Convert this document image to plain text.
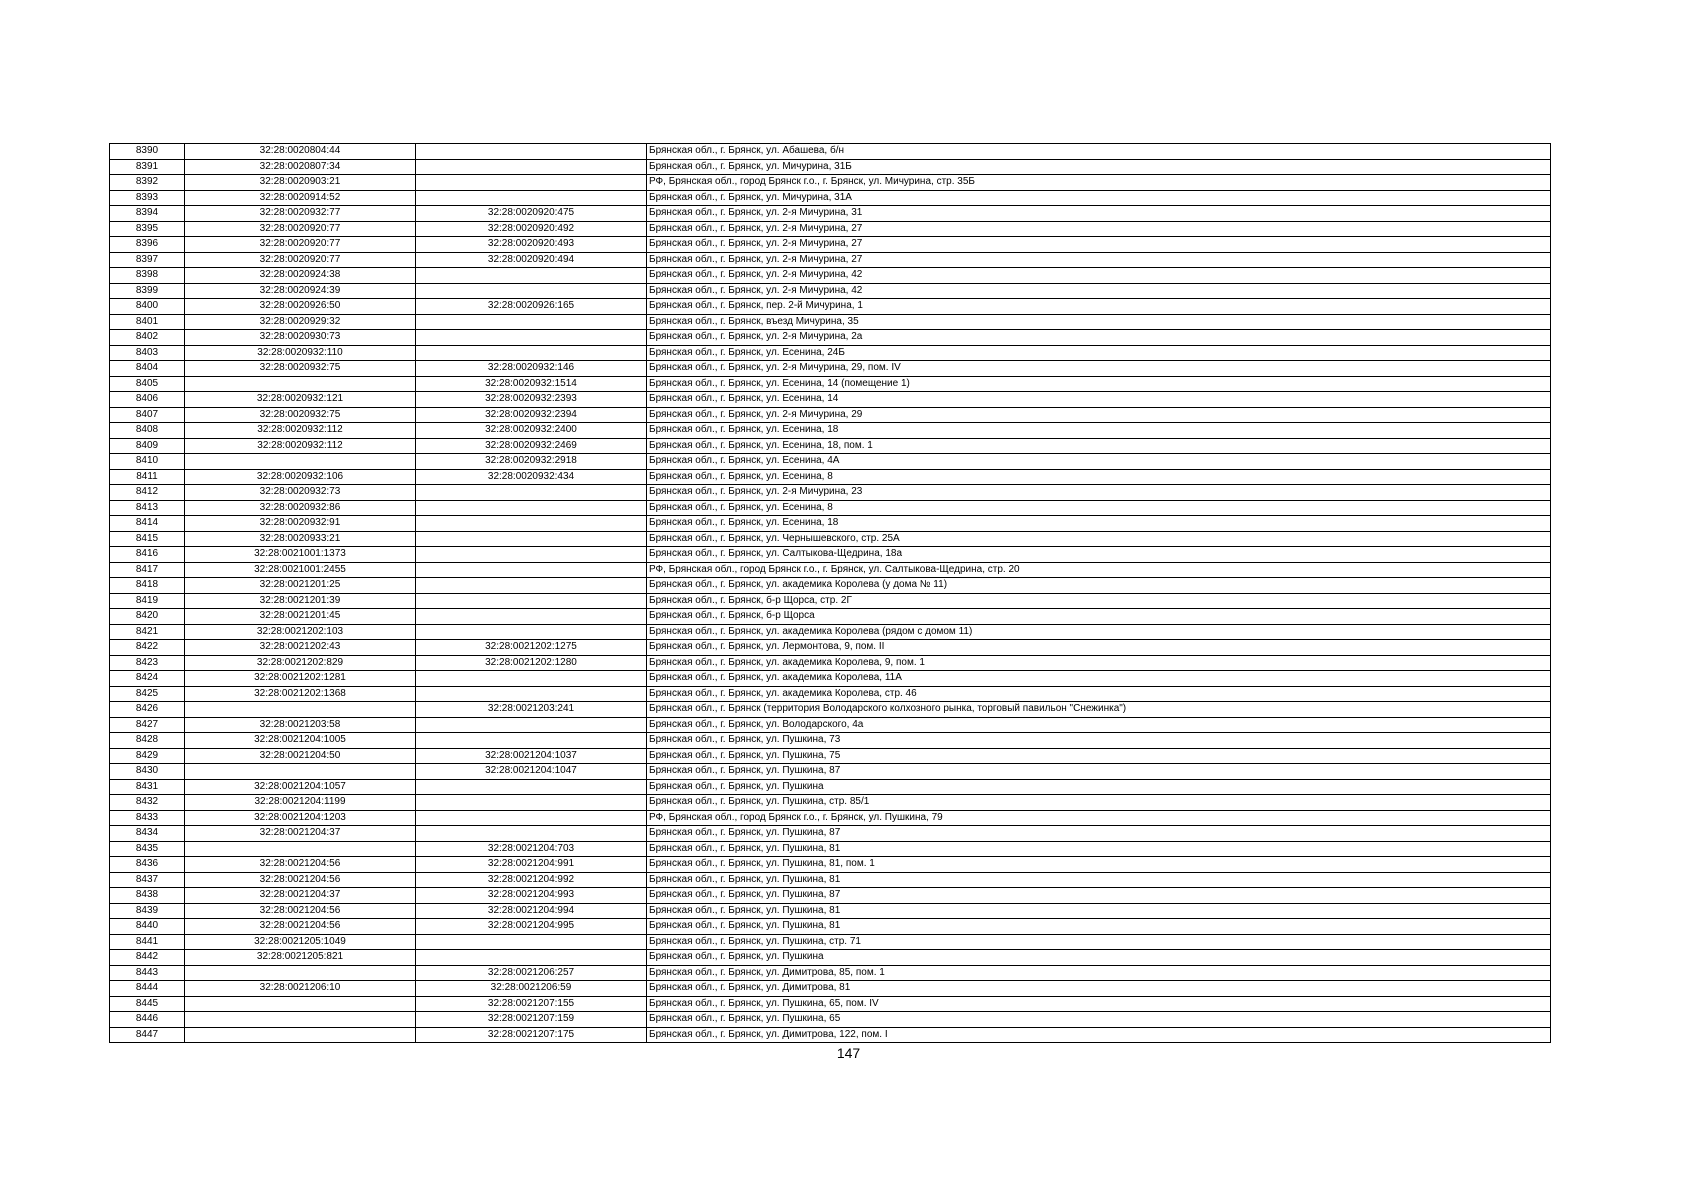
8390	32:28:0020804:44		Брянская обл., г. Брянск, ул. Абашева, б/н
8391	32:28:0020807:34		Брянская обл., г. Брянск, ул. Мичурина, 31Б
8392	32:28:0020903:21		РФ, Брянская обл., город Брянск г.о., г. Брянск, ул. Мичурина, стр. 35Б
8393	32:28:0020914:52		Брянская обл., г. Брянск, ул. Мичурина, 31А
8394	32:28:0020932:77	32:28:0020920:475	Брянская обл., г. Брянск, ул. 2-я Мичурина, 31
8395	32:28:0020920:77	32:28:0020920:492	Брянская обл., г. Брянск, ул. 2-я Мичурина, 27
8396	32:28:0020920:77	32:28:0020920:493	Брянская обл., г. Брянск, ул. 2-я Мичурина, 27
8397	32:28:0020920:77	32:28:0020920:494	Брянская обл., г. Брянск, ул. 2-я Мичурина, 27
8398	32:28:0020924:38		Брянская обл., г. Брянск, ул. 2-я Мичурина, 42
8399	32:28:0020924:39		Брянская обл., г. Брянск, ул. 2-я Мичурина, 42
8400	32:28:0020926:50	32:28:0020926:165	Брянская обл., г. Брянск, пер. 2-й Мичурина, 1
8401	32:28:0020929:32		Брянская обл., г. Брянск, въезд Мичурина, 35
8402	32:28:0020930:73		Брянская обл., г. Брянск, ул. 2-я Мичурина, 2а
8403	32:28:0020932:110		Брянская обл., г. Брянск, ул. Есенина, 24Б
8404	32:28:0020932:75	32:28:0020932:146	Брянская обл., г. Брянск, ул. 2-я Мичурина, 29, пом. IV
8405		32:28:0020932:1514	Брянская обл., г. Брянск, ул. Есенина, 14 (помещение 1)
8406	32:28:0020932:121	32:28:0020932:2393	Брянская обл., г. Брянск, ул. Есенина, 14
8407	32:28:0020932:75	32:28:0020932:2394	Брянская обл., г. Брянск, ул. 2-я Мичурина, 29
8408	32:28:0020932:112	32:28:0020932:2400	Брянская обл., г. Брянск, ул. Есенина, 18
8409	32:28:0020932:112	32:28:0020932:2469	Брянская обл., г. Брянск, ул. Есенина, 18, пом. 1
8410		32:28:0020932:2918	Брянская обл., г. Брянск, ул. Есенина, 4А
8411	32:28:0020932:106	32:28:0020932:434	Брянская обл., г. Брянск, ул. Есенина, 8
8412	32:28:0020932:73		Брянская обл., г. Брянск, ул. 2-я Мичурина, 23
8413	32:28:0020932:86		Брянская обл., г. Брянск, ул. Есенина, 8
8414	32:28:0020932:91		Брянская обл., г. Брянск, ул. Есенина, 18
8415	32:28:0020933:21		Брянская обл., г. Брянск, ул. Чернышевского, стр. 25А
8416	32:28:0021001:1373		Брянская обл., г. Брянск, ул. Салтыкова-Щедрина, 18а
8417	32:28:0021001:2455		РФ, Брянская обл., город Брянск г.о., г. Брянск, ул. Салтыкова-Щедрина, стр. 20
8418	32:28:0021201:25		Брянская обл., г. Брянск, ул. академика Королева (у дома № 11)
8419	32:28:0021201:39		Брянская обл., г. Брянск, б-р Щорса, стр. 2Г
8420	32:28:0021201:45		Брянская обл., г. Брянск, б-р Щорса
8421	32:28:0021202:103		Брянская обл., г. Брянск, ул. академика Королева (рядом с домом 11)
8422	32:28:0021202:43	32:28:0021202:1275	Брянская обл., г. Брянск, ул. Лермонтова, 9, пом. II
8423	32:28:0021202:829	32:28:0021202:1280	Брянская обл., г. Брянск, ул. академика Королева, 9, пом. 1
8424	32:28:0021202:1281		Брянская обл., г. Брянск, ул. академика Королева, 11А
8425	32:28:0021202:1368		Брянская обл., г. Брянск, ул. академика Королева, стр. 46
8426		32:28:0021203:241	Брянская обл., г. Брянск (территория Володарского колхозного рынка, торговый павильон "Снежинка")
8427	32:28:0021203:58		Брянская обл., г. Брянск, ул. Володарского, 4а
8428	32:28:0021204:1005		Брянская обл., г. Брянск, ул. Пушкина, 73
8429	32:28:0021204:50	32:28:0021204:1037	Брянская обл., г. Брянск, ул. Пушкина, 75
8430		32:28:0021204:1047	Брянская обл., г. Брянск, ул. Пушкина, 87
8431	32:28:0021204:1057		Брянская обл., г. Брянск, ул. Пушкина
8432	32:28:0021204:1199		Брянская обл., г. Брянск, ул. Пушкина, стр. 85/1
8433	32:28:0021204:1203		РФ, Брянская обл., город Брянск г.о., г. Брянск, ул. Пушкина, 79
8434	32:28:0021204:37		Брянская обл., г. Брянск, ул. Пушкина, 87
8435		32:28:0021204:703	Брянская обл., г. Брянск, ул. Пушкина, 81
8436	32:28:0021204:56	32:28:0021204:991	Брянская обл., г. Брянск, ул. Пушкина, 81, пом. 1
8437	32:28:0021204:56	32:28:0021204:992	Брянская обл., г. Брянск, ул. Пушкина, 81
8438	32:28:0021204:37	32:28:0021204:993	Брянская обл., г. Брянск, ул. Пушкина, 87
8439	32:28:0021204:56	32:28:0021204:994	Брянская обл., г. Брянск, ул. Пушкина, 81
8440	32:28:0021204:56	32:28:0021204:995	Брянская обл., г. Брянск, ул. Пушкина, 81
8441	32:28:0021205:1049		Брянская обл., г. Брянск, ул. Пушкина, стр. 71
8442	32:28:0021205:821		Брянская обл., г. Брянск, ул. Пушкина
8443		32:28:0021206:257	Брянская обл., г. Брянск, ул. Димитрова, 85, пом. 1
8444	32:28:0021206:10	32:28:0021206:59	Брянская обл., г. Брянск, ул. Димитрова, 81
8445		32:28:0021207:155	Брянская обл., г. Брянск, ул. Пушкина, 65, пом. IV
8446		32:28:0021207:159	Брянская обл., г. Брянск, ул. Пушкина, 65
8447		32:28:0021207:175	Брянская обл., г. Брянск, ул. Димитрова, 122, пом. I
147
